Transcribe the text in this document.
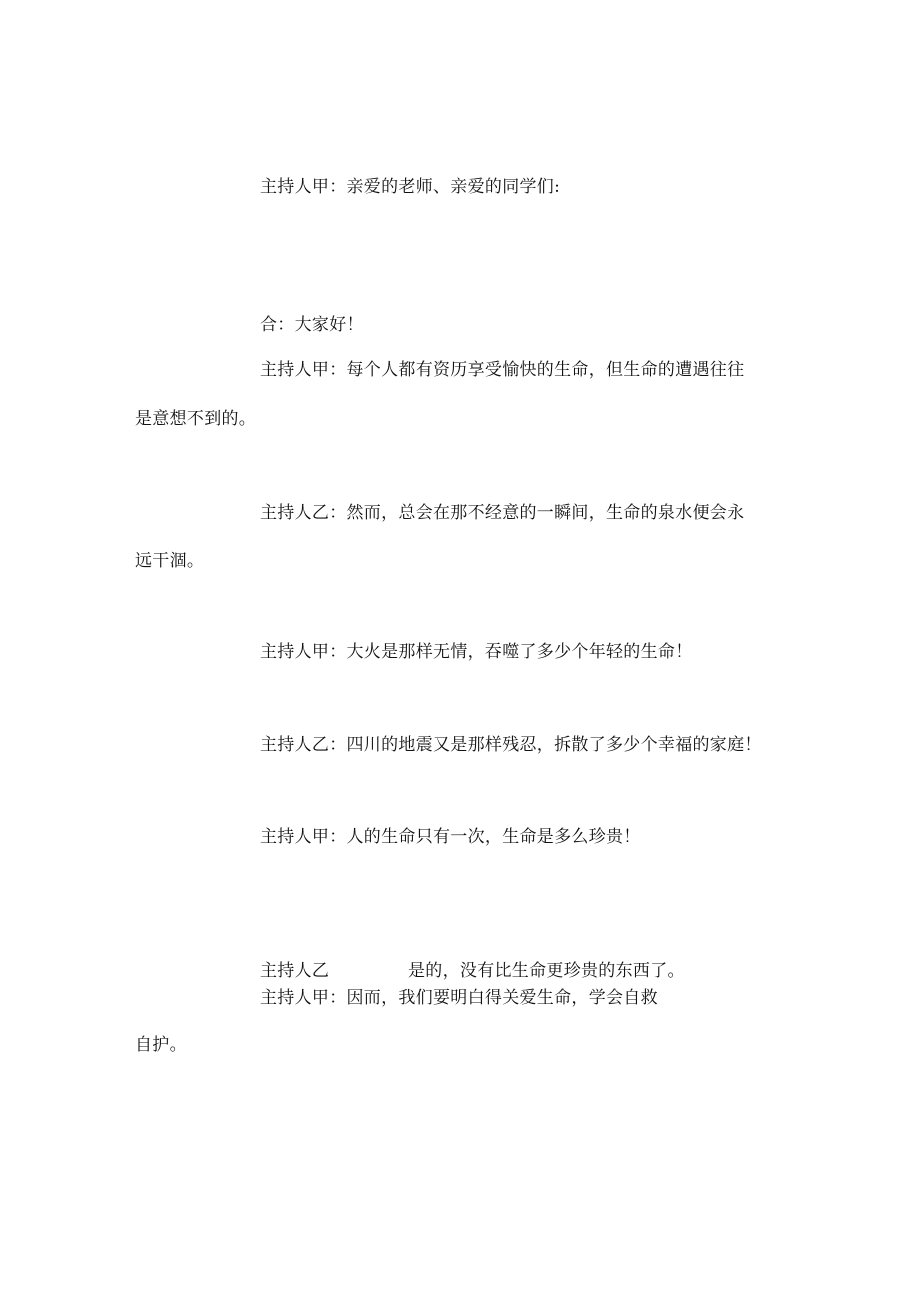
主持人甲：亲爱的老师、亲爱的同学们:
合：大家好！
主持人甲：每个人都有资历享受愉快的生命，但生命的遭遇往往
是意想不到的。
主持人乙：然而，总会在那不经意的一瞬间，生命的泉水便会永
远干涸。
主持人甲：大火是那样无情，吞噬了多少个年轻的生命！
主持人乙：四川的地震又是那样残忍，拆散了多少个幸福的家庭！
主持人甲：人的生命只有一次，生命是多么珍贵！
主持人乙	是的，没有比生命更珍贵的东西了。
主持人甲：因而，我们要明白得关爱生命，学会自救
自护。
